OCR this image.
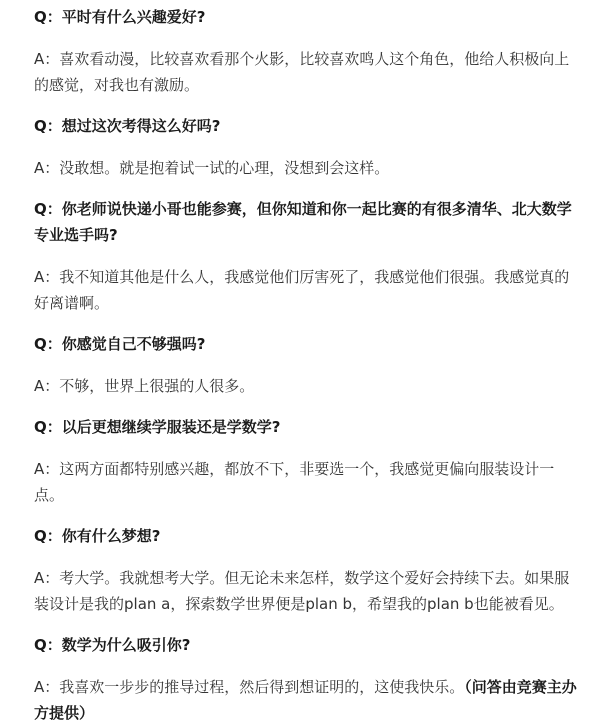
Q：平时有什么兴趣爱好?

A：喜欢看动漫，比较喜欢看那个火影，比较喜欢鸣人这个角色，他给人积极向上的感觉，对我也有激励。

Q：想过这次考得这么好吗?

A：没敢想。就是抱着试一试的心理，没想到会这样。

Q：你老师说快递小哥也能参赛，但你知道和你一起比赛的有很多清华、北大数学专业选手吗?

A：我不知道其他是什么人，我感觉他们厉害死了，我感觉他们很强。我感觉真的好离谱啊。

Q：你感觉自己不够强吗?

A：不够，世界上很强的人很多。

Q：以后更想继续学服装还是学数学?

A：这两方面都特别感兴趣，都放不下，非要选一个，我感觉更偏向服装设计一点。

Q：你有什么梦想?

A：考大学。我就想考大学。但无论未来怎样，数学这个爱好会持续下去。如果服装设计是我的plan a，探索数学世界便是plan b，希望我的plan b也能被看见。

Q：数学为什么吸引你?

A：我喜欢一步步的推导过程，然后得到想证明的，这使我快乐。（问答由竞赛主办方提供）
